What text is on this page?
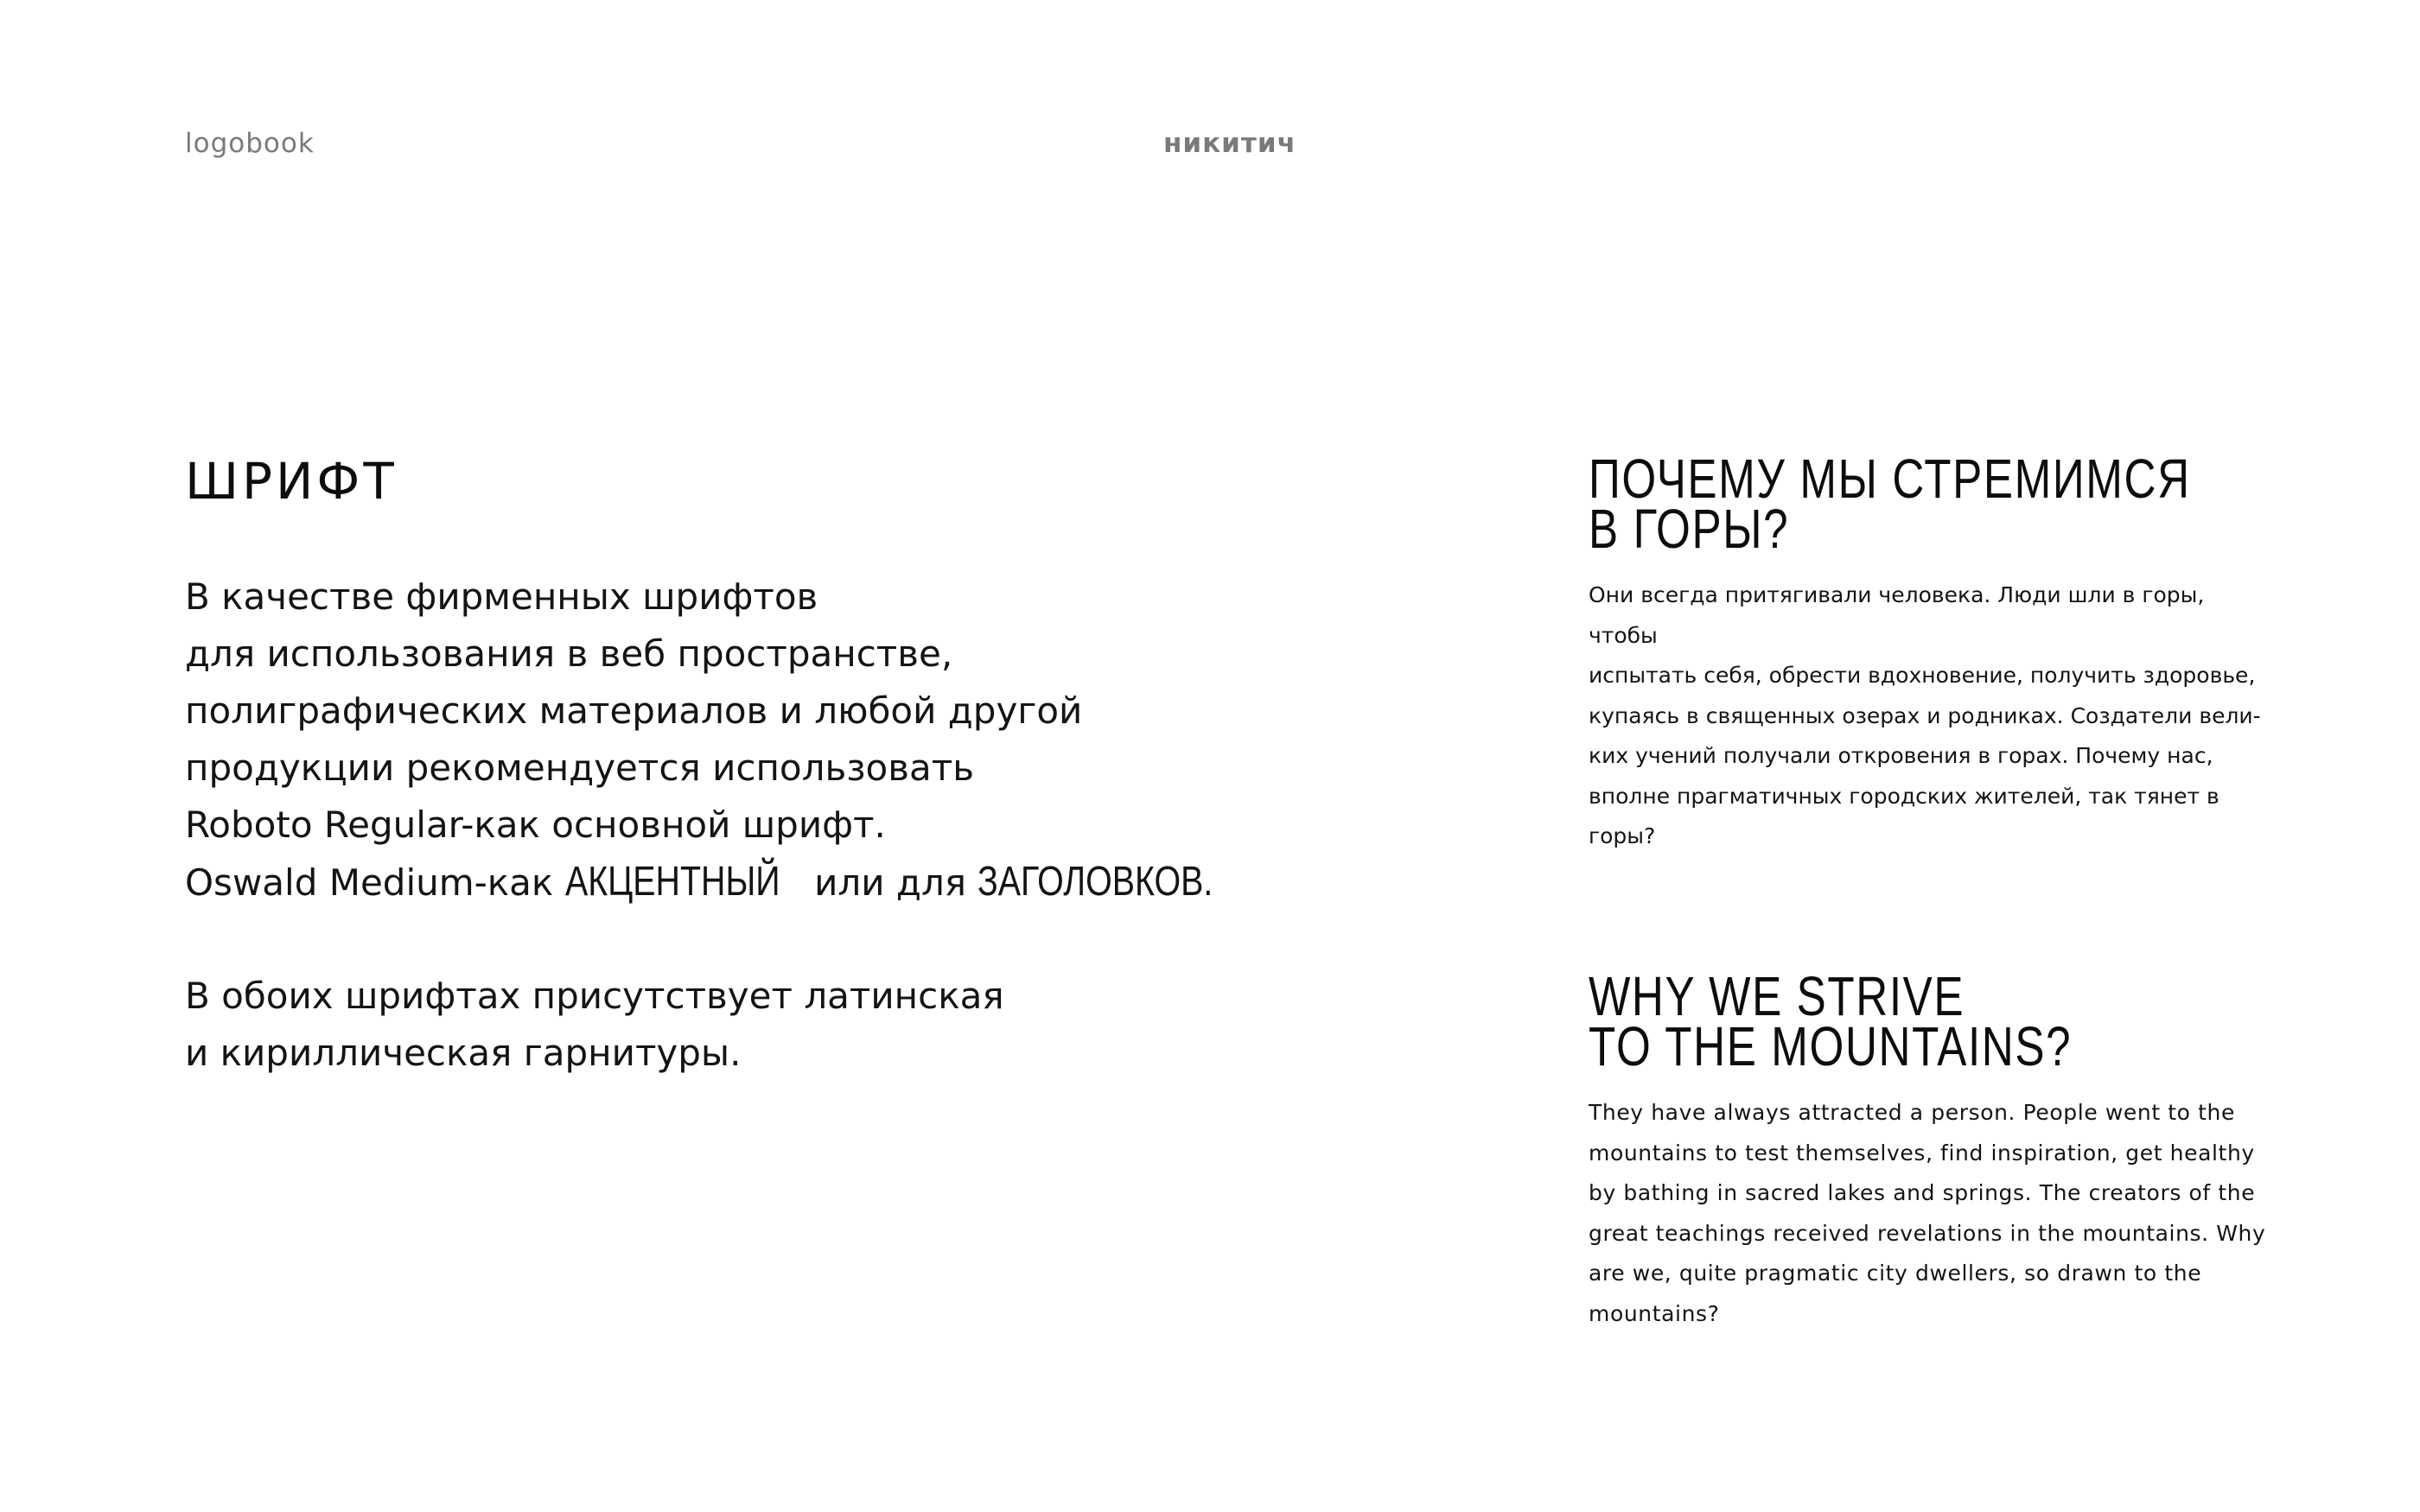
logobook	никитич
ШРИФТ
В качестве фирменных шрифтов
для использования в веб пространстве,
полиграфических материалов и любой другой
продукции рекомендуется использовать
Roboto Regular-как основной шрифт.
Oswald Medium-как АКЦЕНТНЫЙ или для ЗАГОЛОВКОВ.
В обоих шрифтах присутствует латинская
и кириллическая гарнитуры.
ПОЧЕМУ МЫ СТРЕМИМСЯ
В ГОРЫ?
Они всегда притягивали человека. Люди шли в горы, чтобы
испытать себя, обрести вдохновение, получить здоровье,
купаясь в священных озерах и родниках. Создатели вели-
ких учений получали откровения в горах. Почему нас,
вполне прагматичных городских жителей, так тянет в горы?
WHY WE STRIVE
TO THE MOUNTAINS?
They have always attracted a person. People went to the
mountains to test themselves, find inspiration, get healthy
by bathing in sacred lakes and springs. The creators of the
great teachings received revelations in the mountains. Why
are we, quite pragmatic city dwellers, so drawn to the
mountains?
